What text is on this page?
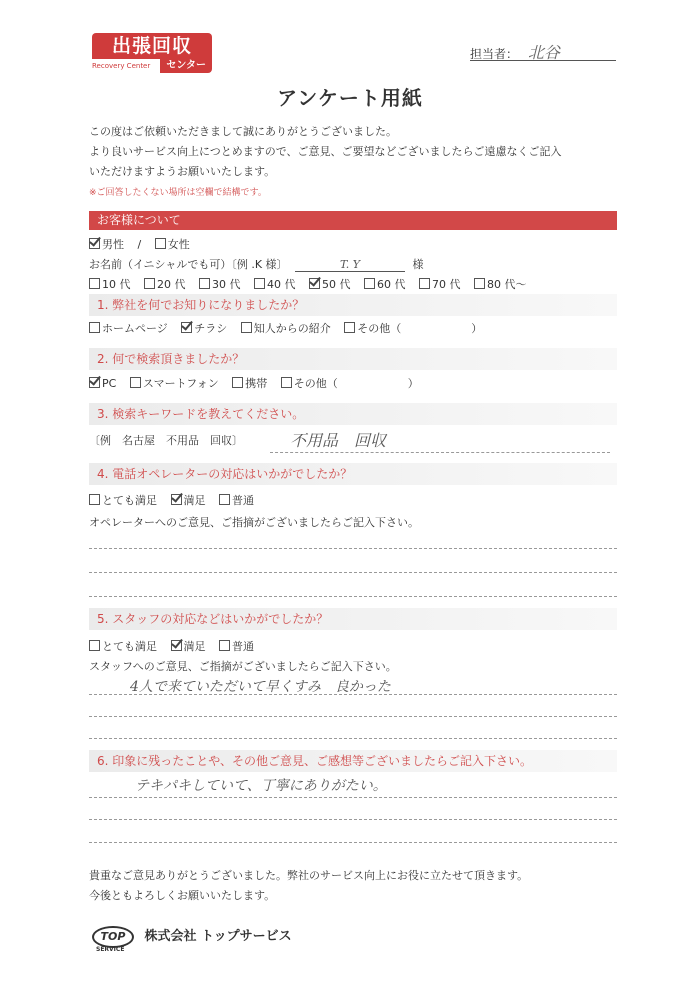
出張回収
Recovery Center	センター
担当者： 北谷
アンケート用紙
この度はご依頼いただきまして誠にありがとうございました。
より良いサービス向上につとめますので、ご意見、ご要望などございましたらご遠慮なくご記入
いただけますようお願いいたします。
※ご回答したくない場所は空欄で結構です。
お客様について
男性 / 女性
お名前（イニシャルでも可）〔例 .K 様〕	T. Y	様
10 代 20 代 30 代 40 代 50 代 60 代 70 代 80 代～
1. 弊社を何でお知りになりましたか？
ホームページ チラシ 知人からの紹介 その他（	）
2. 何で検索頂きましたか？
PC スマートフォン 携帯 その他（	）
3. 検索キーワードを教えてください。
〔例　名古屋　不用品　回収〕	不用品　回収
4. 電話オペレーターの対応はいかがでしたか？
とても満足 満足 普通
オペレーターへのご意見、ご指摘がございましたらご記入下さい。
5. スタッフの対応などはいかがでしたか？
とても満足 満足 普通
スタッフへのご意見、ご指摘がございましたらご記入下さい。
4人で来ていただいて早くすみ　良かった
6. 印象に残ったことや、その他ご意見、ご感想等ございましたらご記入下さい。
テキパキしていて、丁寧にありがたい。
貴重なご意見ありがとうございました。弊社のサービス向上にお役に立たせて頂きます。
今後ともよろしくお願いいたします。
TOP 株式会社 トップサービス
SERVICE
